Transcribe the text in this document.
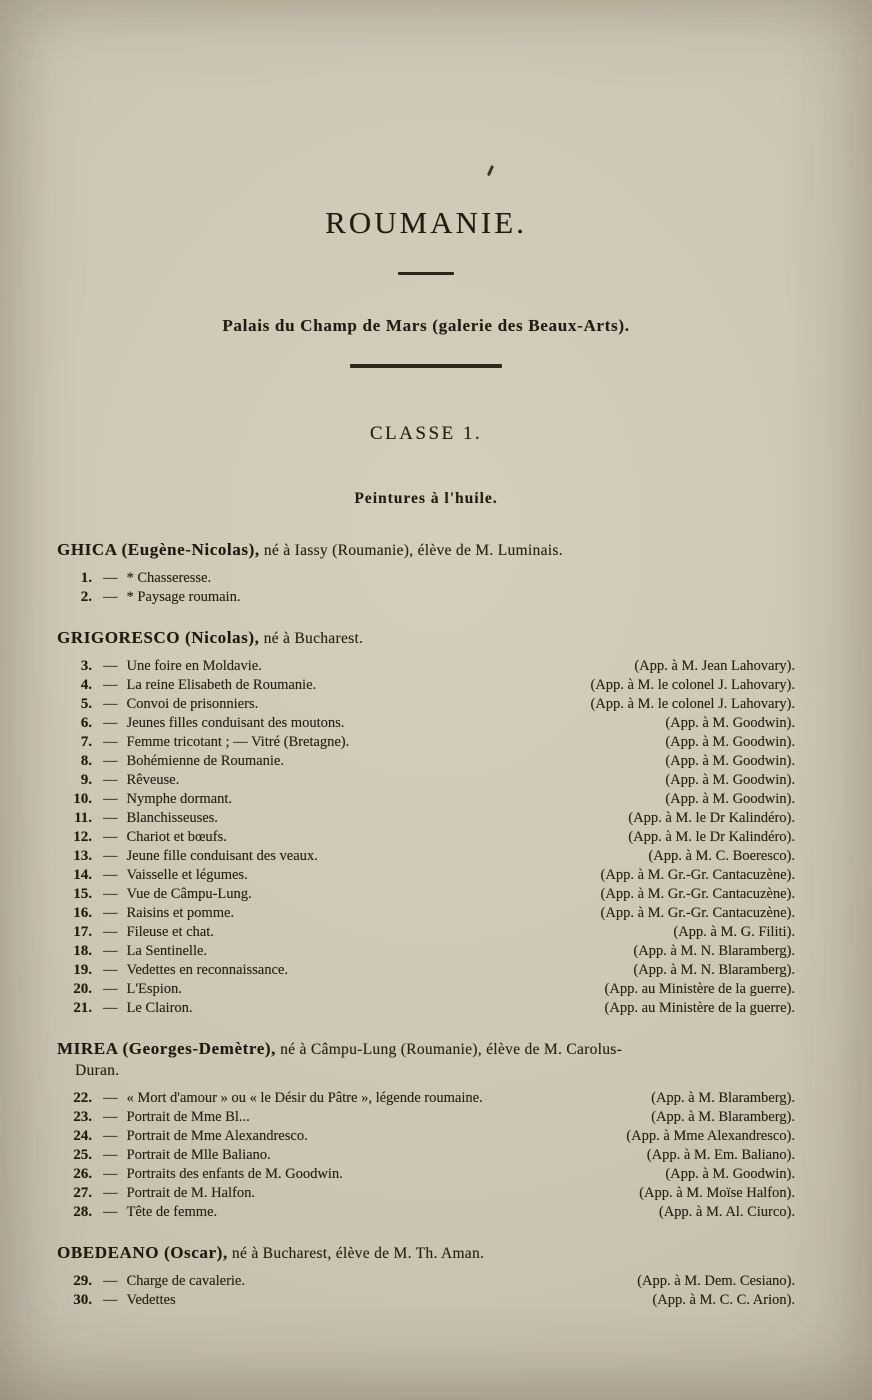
ROUMANIE.
Palais du Champ de Mars (galerie des Beaux-Arts).
CLASSE 1.
Peintures à l'huile.
GHICA (Eugène-Nicolas), né à Iassy (Roumanie), élève de M. Luminais.
1. — * Chasseresse.
2. — * Paysage roumain.
GRIGORESCO (Nicolas), né à Bucharest.
3. — Une foire en Moldavie.	(App. à M. Jean Lahovary).
4. — La reine Elisabeth de Roumanie.	(App. à M. le colonel J. Lahovary).
5. — Convoi de prisonniers.	(App. à M. le colonel J. Lahovary).
6. — Jeunes filles conduisant des moutons.	(App. à M. Goodwin).
7. — Femme tricotant ; — Vitré (Bretagne).	(App. à M. Goodwin).
8. — Bohémienne de Roumanie.	(App. à M. Goodwin).
9. — Rêveuse.	(App. à M. Goodwin).
10. — Nymphe dormant.	(App. à M. Goodwin).
11. — Blanchisseuses.	(App. à M. le Dr Kalindéro).
12. — Chariot et bœufs.	(App. à M. le Dr Kalindéro).
13. — Jeune fille conduisant des veaux.	(App. à M. C. Boeresco).
14. — Vaisselle et légumes.	(App. à M. Gr.-Gr. Cantacuzène).
15. — Vue de Câmpu-Lung.	(App. à M. Gr.-Gr. Cantacuzène).
16. — Raisins et pomme.	(App. à M. Gr.-Gr. Cantacuzène).
17. — Fileuse et chat.	(App. à M. G. Filiti).
18. — La Sentinelle.	(App. à M. N. Blaramberg).
19. — Vedettes en reconnaissance.	(App. à M. N. Blaramberg).
20. — L'Espion.	(App. au Ministère de la guerre).
21. — Le Clairon.	(App. au Ministère de la guerre).
MIREA (Georges-Demètre), né à Câmpu-Lung (Roumanie), élève de M. Carolus-
Duran.
22. — « Mort d'amour » ou « le Désir du Pâtre », légende roumaine.	(App. à M. Blaramberg).
23. — Portrait de Mme Bl...	(App. à M. Blaramberg).
24. — Portrait de Mme Alexandresco.	(App. à Mme Alexandresco).
25. — Portrait de Mlle Baliano.	(App. à M. Em. Baliano).
26. — Portraits des enfants de M. Goodwin.	(App. à M. Goodwin).
27. — Portrait de M. Halfon.	(App. à M. Moïse Halfon).
28. — Tête de femme.	(App. à M. Al. Ciurco).
OBEDEANO (Oscar), né à Bucharest, élève de M. Th. Aman.
29. — Charge de cavalerie.	(App. à M. Dem. Cesiano).
30. — Vedettes	(App. à M. C. C. Arion).
